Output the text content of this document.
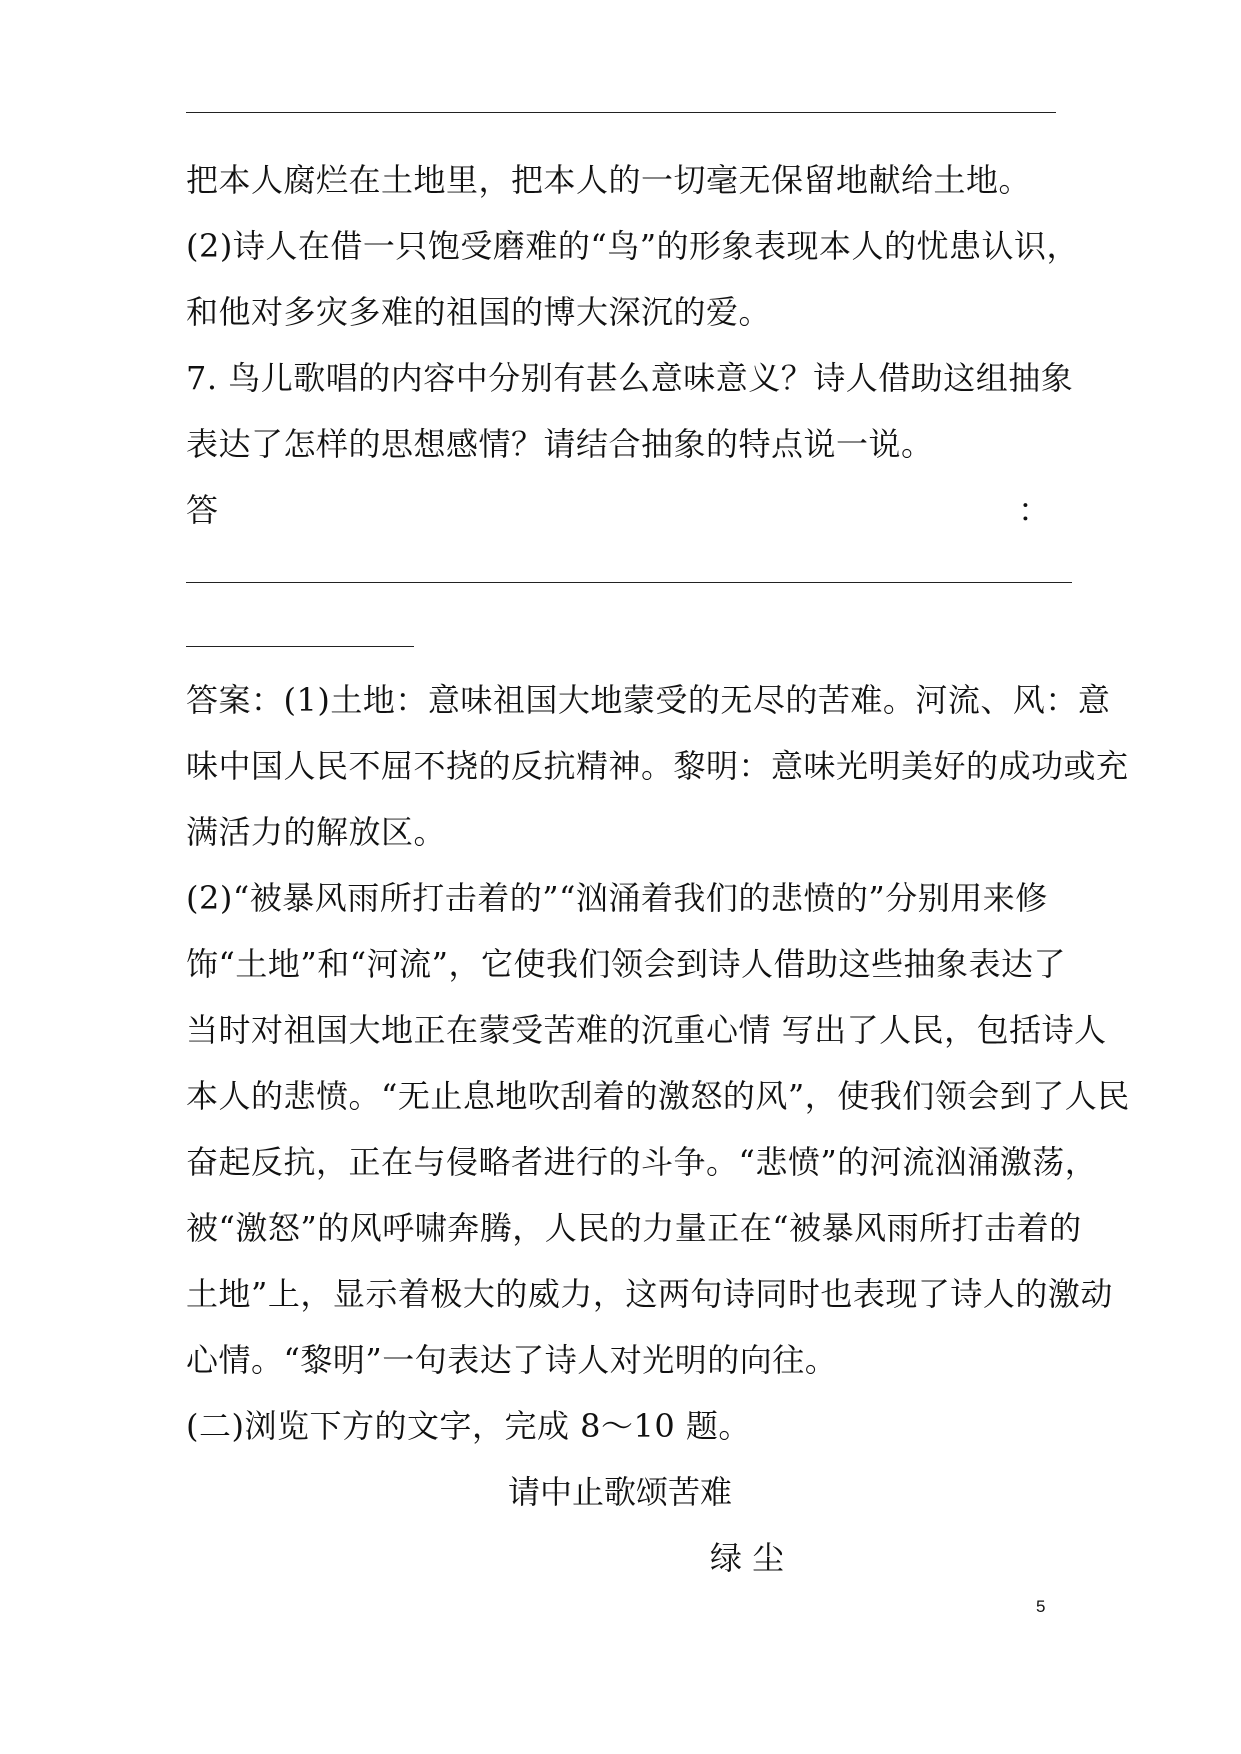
把本人腐烂在土地里，把本人的一切毫无保留地献给土地。
(2)诗人在借一只饱受磨难的“鸟”的形象表现本人的忧患认识，
和他对多灾多难的祖国的博大深沉的爱。
7. 鸟儿歌唱的内容中分别有甚么意味意义？诗人借助这组抽象
表达了怎样的思想感情？请结合抽象的特点说一说。
答	：
答案：(1)土地：意味祖国大地蒙受的无尽的苦难。河流、风：意
味中国人民不屈不挠的反抗精神。黎明：意味光明美好的成功或充
满活力的解放区。
(2)“被暴风雨所打击着的”“汹涌着我们的悲愤的”分别用来修
饰“土地”和“河流”，它使我们领会到诗人借助这些抽象表达了
当时对祖国大地正在蒙受苦难的沉重心情 写出了人民，包括诗人
本人的悲愤。“无止息地吹刮着的激怒的风”，使我们领会到了人民
奋起反抗，正在与侵略者进行的斗争。“悲愤”的河流汹涌激荡，
被“激怒”的风呼啸奔腾，人民的力量正在“被暴风雨所打击着的
土地”上，显示着极大的威力，这两句诗同时也表现了诗人的激动
心情。“黎明”一句表达了诗人对光明的向往。
(二)浏览下方的文字，完成 8～10 题。
请中止歌颂苦难
绿 尘
5
